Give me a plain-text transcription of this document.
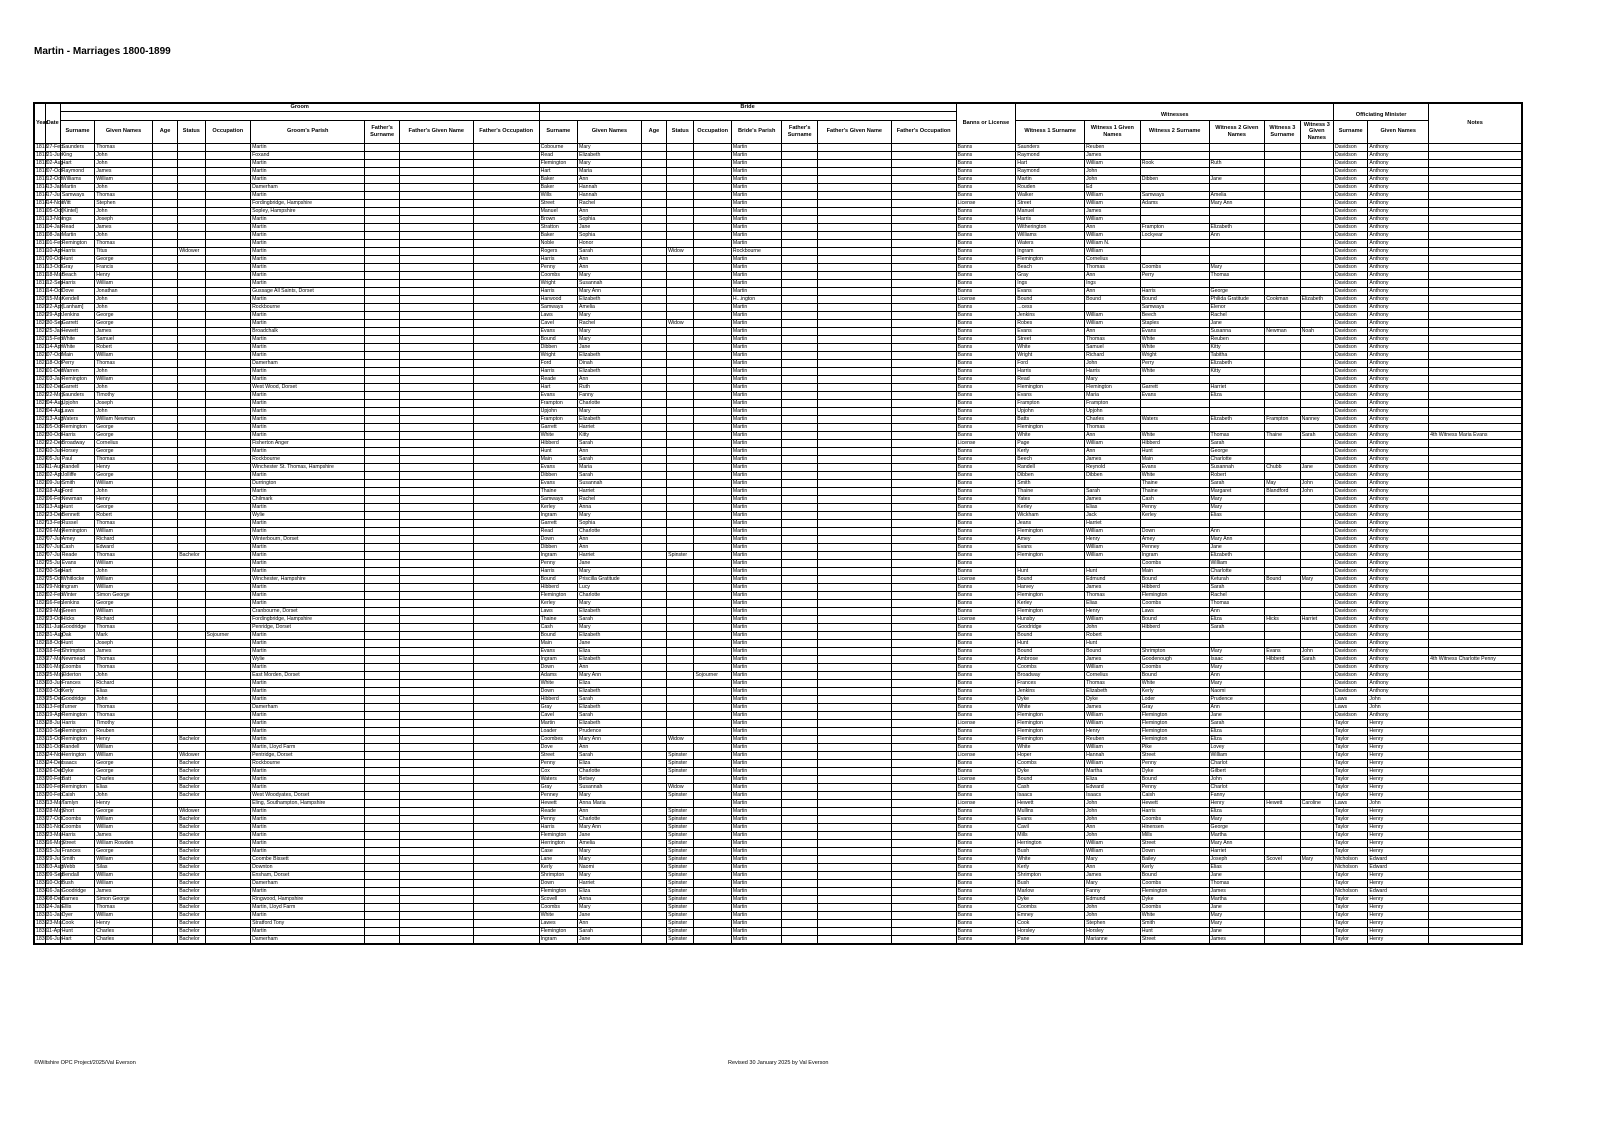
Martin - Marriages 1800-1899
Year	Date	Groom									Bride									Banns or License									Notes
																					Witnesses						Officiating Minister		
		Surname	Given Names	Age	Status	Occupation	Groom's Parish	Father's Surname	Father's Given Name	Father's Occupation	Surname	Given Names	Age	Status	Occupation	Bride's Parish	Father's Surname	Father's Given Name	Father's Occupation		Witness 1 Surname	Witness 1 Given Names	Witness 2 Surname	Witness 2 Given Names	Witness 3 Surname	Witness 3 Given Names	Surname	Given Names	
1813	27-Feb	Saunders	Thomas				Martin				Cobourne	Mary				Martin				Banns	Saunders	Reuben					Davidson	Anthony	
1813	21-Jun	King	John				Foxand				Read	Elizabeth				Martin				Banns	Raymond	James					Davidson	Anthony	
1813	02-Aug	Hart	John				Martin				Flemington	Mary				Martin				Banns	Hart	William	Rook	Ruth			Davidson	Anthony	
1813	07-Oct	Raymond	James				Martin				Hart	Maria				Martin				Banns	Raymond	John					Davidson	Anthony	
1813	12-Oct	Williams	William				Martin				Baker	Ann				Martin				Banns	Martin	John	Dibben	Jane			Davidson	Anthony	
1814	13-Jan	Martin	John				Damerham				Baker	Hannah				Martin				Banns	Rouden	Ed					Davidson	Anthony	
1814	17-Jul	Samways	Thomas				Martin				Wills	Hannah				Martin				Banns	Walker	William	Samways	Amelia			Davidson	Anthony	
1814	14-Nov	Witt	Stephen				Fordingbridge, Hampshire				Street	Rachel				Martin				License	Street	William	Adams	Mary Ann			Davidson	Anthony	
1815	05-Oct	[Kintel]	John				Sopley, Hampshire				Manuel	Ann				Martin				Banns	Manuel	James					Davidson	Anthony	
1815	13-Nov	Ings	Joseph				Martin				Brown	Sophia				Martin				Banns	Harris	William					Davidson	Anthony	
1816	04-Jan	Read	James				Martin				Stratton	Jane				Martin				Banns	Witherington	Ann	Frampton	Elizabeth			Davidson	Anthony	
1816	08-Jan	Martin	John				Martin				Baker	Sophia				Martin				Banns	Williams	William	Lockyear	Ann			Davidson	Anthony	
1816	01-Feb	Remington	Thomas				Martin				Noble	Honor				Martin				Banns	Waters	William N.					Davidson	Anthony	
1816	10-Apr	Harris	Titus		Widower		Martin				Rogers	Sarah		Widow		Rockbourne				Banns	Ingram	William					Davidson	Anthony	
1817	20-Oct	Hunt	George				Martin				Harris	Ann				Martin				Banns	Flemington	Cornelius					Davidson	Anthony	
1818	13-Oct	Gray	Francis				Martin				Penny	Ann				Martin				Banns	Beach	Thomas	Coombs	Mary			Davidson	Anthony	
1819	18-Mar	Beach	Henry				Martin				Coombs	Mary				Martin				Banns	Gray	Ann	Perry	Thomas			Davidson	Anthony	
1819	12-Sep	Harris	William				Martin				Wright	Susannah				Martin				Banns	Ings	Ings					Davidson	Anthony	
1819	14-Oct	Dove	Jonathan				Gussage All Saints, Dorset				Harris	Mary Ann				Martin				Banns	Evans	Ann	Harris	George			Davidson	Anthony	
1820	15-Mar	Kendell	John				Martin				Harwood	Elizabeth				H...ington				License	Bound	Bound	Bound	Philida Gratitude	Cookman	Elizabeth	Davidson	Anthony	
1820	22-Apr	[Lanham]	John				Rockbourne				Samways	Amelia				Martin				Banns	...cess		Samways	Elenor			Davidson	Anthony	
1820	29-Apr	Jenkins	George				Martin				Laws	Mary				Martin				Banns	Jenkins	William	Beech	Rachel			Davidson	Anthony	
1820	30-Sep	Garrett	George				Martin				Cavel	Rachel		Widow		Martin				Banns	Robes	William	Staples	Jane			Davidson	Anthony	
1821	25-Jan	Hewett	James				Broadchalk				Evans	Mary				Martin				Banns	Evans	Ann	Evans	Susanna	Newman	Noah	Davidson	Anthony	
1821	15-Feb	White	Samuel				Martin				Bound	Mary				Martin				Banns	Street	Thomas	White	Reuben			Davidson	Anthony	
1821	14-Apr	White	Robert				Martin				Dibben	Jane				Martin				Banns	White	Samuel	White	Kitty			Davidson	Anthony	
1821	07-Oct	Main	William				Martin				Wright	Elizabeth				Martin				Banns	Wright	Richard	Wright	Tabitha			Davidson	Anthony	
1821	18-Oct	Perry	Thomas				Damerham				Ford	Dinah				Martin				Banns	Ford	John	Perry	Elizabeth			Davidson	Anthony	
1821	01-Dec	Warren	John				Martin				Harris	Elizabeth				Martin				Banns	Harris	Harris	White	Kitty			Davidson	Anthony	
1822	03-Jan	Remington	William				Martin				Reade	Ann				Martin				Banns	Read	Mary					Davidson	Anthony	
1822	02-Dec	Garrett	John				West Wood, Dorset				Hart	Ruth				Martin				Banns	Flemington	Flemington	Garrett	Harriet			Davidson	Anthony	
1823	22-May	Saunders	Timothy				Martin				Evans	Fanny				Martin				Banns	Evans	Maria	Evans	Eliza			Davidson	Anthony	
1823	04-Aug	Upjohn	Joseph				Martin				Frampton	Charlotte				Martin				Banns	Frampton	Frampton					Davidson	Anthony	
1823	04-Aug	Laws	John				Martin				Upjohn	Mary				Martin				Banns	Upjohn	Upjohn					Davidson	Anthony	
1823	13-Aug	Waters	William Newman				Martin				Frampton	Elizabeth				Martin				Banns	Batts	Charles	Waters	Elizabeth	Frampton	Nanney	Davidson	Anthony	
1823	05-Oct	Remington	George				Martin				Garrett	Harriet				Martin				Banns	Flemington	Thomas					Davidson	Anthony	
1823	30-Oct	Harris	George				Martin				White	Kitty				Martin				Banns	White	Ann	White	Thomas	Thaine	Sarah	Davidson	Anthony	4th Witness Maria Evans
1823	22-Dec	Broadway	Cornelius				Fisherton Anger				Hibberd	Sarah				Martin				License	Page	William	Hibberd	Sarah			Davidson	Anthony	
1824	10-Jun	Horsey	George				Martin				Hunt	Ann				Martin				Banns	Kerly	Ann	Hunt	George			Davidson	Anthony	
1824	05-Jul	Paul	Thomas				Rockbourne				Main	Sarah				Martin				Banns	Beech	James	Main	Charlotte			Davidson	Anthony	
1824	11-Aug	Randell	Henry				Winchester St. Thomas, Hampshire				Evans	Maria				Martin				Banns	Randell	Reynold	Evans	Susannah	Chubb	Jane	Davidson	Anthony	
1825	02-Apr	Jolliffe	George				Martin				Dibben	Sarah				Martin				Banns	Dibben	Dibben	White	Robert			Davidson	Anthony	
1825	09-Jun	Smith	William				Durrington				Evans	Susannah				Martin				Banns	Smith		Thaine	Sarah	May	John	Davidson	Anthony	
1825	18-Aug	Ford	John				Martin				Thaine	Harriet				Martin				Banns	Thaine	Sarah	Thaine	Margaret	Blandford	John	Davidson	Anthony	
1826	06-Feb	Newman	Henry				Chilmark				Samways	Rachel				Martin				Banns	Yates	James	Cash	Mary			Davidson	Anthony	
1826	13-Aug	Hunt	George				Martin				Kerley	Anna				Martin				Banns	Kerley	Elias	Penny	Mary			Davidson	Anthony	
1826	23-Dec	Bennett	Robert				Wylie				Ingram	Mary				Martin				Banns	Wickham	Jack	Kerley	Elias			Davidson	Anthony	
1827	13-Feb	Russel	Thomas				Martin				Garrett	Sophia				Martin				Banns	Jeans	Harriet					Davidson	Anthony	
1827	26-May	Remington	William				Martin				Read	Charlotte				Martin				Banns	Flemington	William	Down	Ann			Davidson	Anthony	
1827	07-Jun	Amey	Richard				Winterbourn, Dorset				Down	Ann				Martin				Banns	Amey	Henry	Amey	Mary Ann			Davidson	Anthony	
1827	07-Jun	Cash	Edward				Martin				Dibben	Ann				Martin				Banns	Evans	William	Penney	Jane			Davidson	Anthony	
1827	07-Jul	Reade	Thomas		Bachelor		Martin				Ingram	Harriet		Spinster		Martin				Banns	Flemington	William	Ingram	Elizabeth			Davidson	Anthony	
1827	25-Jul	Evans	William				Martin				Penny	Jane				Martin				Banns			Coombs	William			Davidson	Anthony	
1827	30-Sep	Hart	John				Martin				Harris	Mary				Martin				Banns	Hunt	Hunt	Main	Charlotte			Davidson	Anthony	
1827	25-Oct	Whitlocke	William				Winchester, Hampshire				Bound	Priscilla Gratitude				Martin				License	Bound	Edmund	Bound	Keturah	Bound	Mary	Davidson	Anthony	
1827	29-Nov	Ingram	William				Martin				Hibberd	Lucy				Martin				Banns	Harvey	James	Hibberd	Sarah			Davidson	Anthony	
1828	02-Feb	Winter	Simon George				Martin				Flemington	Charlotte				Martin				Banns	Flemington	Thomas	Flemington	Rachel			Davidson	Anthony	
1828	16-Feb	Jenkins	George				Martin				Kerley	Mary				Martin				Banns	Kerley	Elias	Coombs	Thomas			Davidson	Anthony	
1828	29-May	Green	William				Cranbourne, Dorset				Laws	Elizabeth				Martin				Banns	Flemington	Henry	Laws	Ann			Davidson	Anthony	
1828	23-Oct	Hicks	Richard				Fordingbridge, Hampshire				Thaine	Sarah				Martin				License	Hunsby	William	Bound	Eliza	Hicks	Harriet	Davidson	Anthony	
1829	11-Jun	Goodridge	Thomas				Penridge, Dorset				Cash	Mary				Martin				Banns	Goodridge	John	Hibberd	Sarah			Davidson	Anthony	
1829	31-Aug	Oak	Mark			Sojourner	Martin				Bound	Elizabeth				Martin				Banns	Bound	Robert					Davidson	Anthony	
1829	18-Oct	Hunt	Joseph				Martin				Main	Jane				Martin				Banns	Hunt	Hunt					Davidson	Anthony	
1830	18-Feb	Shrimpton	James				Martin				Evans	Eliza				Martin				Banns	Bound	Bound	Shrimpton	Mary	Evans	John	Davidson	Anthony	
1830	27-Mar	Newmead	Thomas				Wylie				Ingram	Elizabeth				Martin				Banns	Ambrose	James	Goodenough	Isaac	Hibberd	Sarah	Davidson	Anthony	4th Witness Charlotte Penny
1830	01-May	Coombs	Thomas				Martin				Down	Ann				Martin				Banns	Coombs	William	Coombs	Mary			Davidson	Anthony	
1830	25-May	Elderton	John				East Morden, Dorset				Adams	Mary Ann			Sojourner	Martin				Banns	Broadway	Cornelius	Bound	Ann			Davidson	Anthony	
1830	03-Jun	Frances	Richard				Martin				White	Eliza				Martin				Banns	Frances	Thomas	White	Mary			Davidson	Anthony	
1830	03-Oct	Kerly	Elias				Martin				Down	Elizabeth				Martin				Banns	Jenkins	Elizabeth	Kerly	Naomi			Davidson	Anthony	
1830	25-Dec	Goodridge	John				Martin				Hibberd	Sarah				Martin				Banns	Dyke	Dyke	Loder	Prudence			Laws	John	
1831	13-Feb	Turner	Thomas				Damerham				Gray	Elizabeth				Martin				Banns	White	James	Gray	Ann			Laws	John	
1831	19-Apr	Remington	Thomas				Martin				Cavel	Sarah				Martin				Banns	Flemington	William	Flemington	Jane			Davidson	Anthony	
1831	28-Jul	Harris	Timothy				Martin				Martin	Elizabeth				Martin				License	Flemington	William	Flemington	Sarah			Taylor	Henry	
1831	10-Sep	Remington	Reuben				Martin				Loader	Prudence				Martin				Banns	Flemington	Henry	Flemington	Eliza			Taylor	Henry	
1831	15-Oct	Remington	Henry		Bachelor		Martin				Coombes	Mary Ann		Widow		Martin				Banns	Flemington	Reuben	Flemington	Eliza			Taylor	Henry	
1831	31-Oct	Randell	William				Martin, Lloyd Farm				Dove	Ann				Martin				Banns	White	William	Pike	Lovey			Taylor	Henry	
1831	24-Nov	Herrington	William		Widower		Pentridge, Dorset				Street	Sarah		Spinster		Martin				License	Hoper	Hannah	Street	William			Taylor	Henry	
1831	24-Dec	Isaacs	George		Bachelor		Rockbourne				Penny	Eliza		Spinster		Martin				Banns	Coombs	William	Penny	Charlot			Taylor	Henry	
1831	26-Dec	Dyke	George		Bachelor		Martin				Cox	Charlotte		Spinster		Martin				Banns	Dyke	Martha	Dyke	Gilbert			Taylor	Henry	
1832	20-Feb	Batt	Charles		Bachelor		Martin				Waters	Betsey				Martin				License	Bound	Eliza	Bound	John			Taylor	Henry	
1832	20-Feb	Remington	Elias		Bachelor		Martin				Gray	Susannah		Widow		Martin				Banns	Cash	Edward	Penny	Charlot			Taylor	Henry	
1832	20-Feb	Caish	John		Bachelor		West Woodyates, Dorset				Penney	Mary		Spinster		Martin				Banns	Isaacs	Isaacs	Caish	Fanny			Taylor	Henry	
1832	13-Mar	Tamlyn	Henry				Eling, Southampton, Hampshire				Hewett	Anna Maria				Martin				License	Hewett	John	Hewett	Henry	Hewett	Caroline	Laws	John	
1832	28-May	Short	George		Widower		Martin				Reade	Ann		Spinster		Martin				Banns	Mullins	John	Harris	Eliza			Taylor	Henry	
1832	27-Oct	Coombs	William		Bachelor		Martin				Penny	Charlotte		Spinster		Martin				Banns	Evans	John	Coombs	Mary			Taylor	Henry	
1832	31-Nov	Coombs	William		Bachelor		Martin				Harris	Mary Ann		Spinster		Martin				Banns	Cavil	Ann	Hinensen	George			Taylor	Henry	
1833	23-Mar	Harris	James		Bachelor		Martin				Flemington	Jane		Spinster		Martin				Banns	Mills	John	Mills	Martha			Taylor	Henry	
1833	16-May	Street	William Rowden		Bachelor		Martin				Herrington	Amelia		Spinster		Martin				Banns	Herrington	William	Street	Mary Ann			Taylor	Henry	
1833	15-Jul	Frances	George		Bachelor		Martin				Case	Mary		Spinster		Martin				Banns	Bush	William	Down	Harriet			Taylor	Henry	
1833	29-Jul	Smith	William		Bachelor		Coombe Bissett				Lane	Mary		Spinster		Martin				Banns	White	Mary	Bailey	Joseph	Scovel	Mary	Nicholson	Edward	
1833	03-Aug	Webb	Silas		Bachelor		Downton				Kerly	Naomi		Spinster		Martin				Banns	Kerly	Ann	Kerly	Elias			Nicholson	Edward	
1833	09-Sep	Bendall	William		Bachelor		Ensham, Dorset				Shrimpton	Mary		Spinster		Martin				Banns	Shrimpton	James	Bound	Jane			Taylor	Henry	
1833	10-Oct	Bush	William		Bachelor		Damerham				Down	Harriet		Spinster		Martin				Banns	Bush	Mary	Coombs	Thomas			Taylor	Henry	
1834	16-Jan	Goodridge	James		Bachelor		Martin				Flemington	Eliza		Spinster		Martin				Banns	Marlow	Fanny	Flemington	James			Nicholson	Edward	
1834	08-Dec	Barnes	Simon George		Bachelor		Ringwood, Hampshire				Scovell	Anna		Spinster		Martin				Banns	Dyke	Edmund	Dyke	Martha			Taylor	Henry	
1835	24-Jan	Ellis	Thomas		Bachelor		Martin, Lloyd Farm				Coombs	Mary		Spinster		Martin				Banns	Coombs	John	Coombs	Jane			Taylor	Henry	
1835	31-Jan	Dyer	William		Bachelor		Martin				White	Jane		Spinster		Martin				Banns	Emney	John	White	Mary			Taylor	Henry	
1835	23-Mar	Cook	Henry		Bachelor		Stratford Tony				Lawes	Ann		Spinster		Martin				Banns	Cook	Stephen	Smith	Mary			Taylor	Henry	
1835	11-Apr	Hunt	Charles		Bachelor		Martin				Flemington	Sarah		Spinster		Martin				Banns	Horsley	Horsley	Hunt	Jane			Taylor	Henry	
1836	06-Jun	Hart	Charles		Bachelor		Damerham				Ingram	Jane		Spinster		Martin				Banns	Pane	Marianne	Street	James			Taylor	Henry	
©Wiltshire OPC Project/2025/Val Everson	Revised 30 January 2025 by Val Everson
